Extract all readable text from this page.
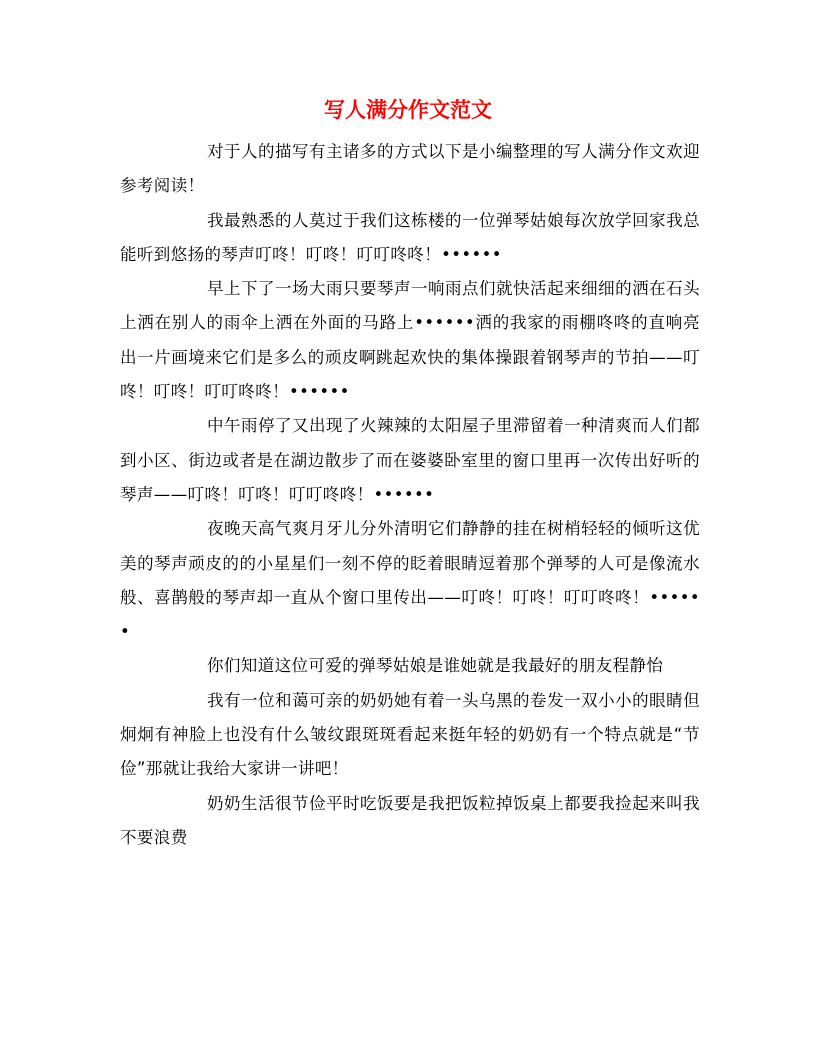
写人满分作文范文

对于人的描写有主诸多的方式以下是小编整理的写人满分作文欢迎参考阅读！

我最熟悉的人莫过于我们这栋楼的一位弹琴姑娘每次放学回家我总能听到悠扬的琴声叮咚！叮咚！叮叮咚咚！••••••

早上下了一场大雨只要琴声一响雨点们就快活起来细细的洒在石头上洒在别人的雨伞上洒在外面的马路上••••••洒的我家的雨棚咚咚的直响亮出一片画境来它们是多么的顽皮啊跳起欢快的集体操跟着钢琴声的节拍——叮咚！叮咚！叮叮咚咚！••••••

中午雨停了又出现了火辣辣的太阳屋子里滞留着一种清爽而人们都到小区、街边或者是在湖边散步了而在婆婆卧室里的窗口里再一次传出好听的琴声——叮咚！叮咚！叮叮咚咚！••••••

夜晚天高气爽月牙儿分外清明它们静静的挂在树梢轻轻的倾听这优美的琴声顽皮的的小星星们一刻不停的眨着眼睛逗着那个弹琴的人可是像流水般、喜鹊般的琴声却一直从个窗口里传出——叮咚！叮咚！叮叮咚咚！••••••

你们知道这位可爱的弹琴姑娘是谁她就是我最好的朋友程静怡

我有一位和蔼可亲的奶奶她有着一头乌黑的卷发一双小小的眼睛但炯炯有神脸上也没有什么皱纹跟斑斑看起来挺年轻的奶奶有一个特点就是“节俭”那就让我给大家讲一讲吧！

奶奶生活很节俭平时吃饭要是我把饭粒掉饭桌上都要我捡起来叫我不要浪费
